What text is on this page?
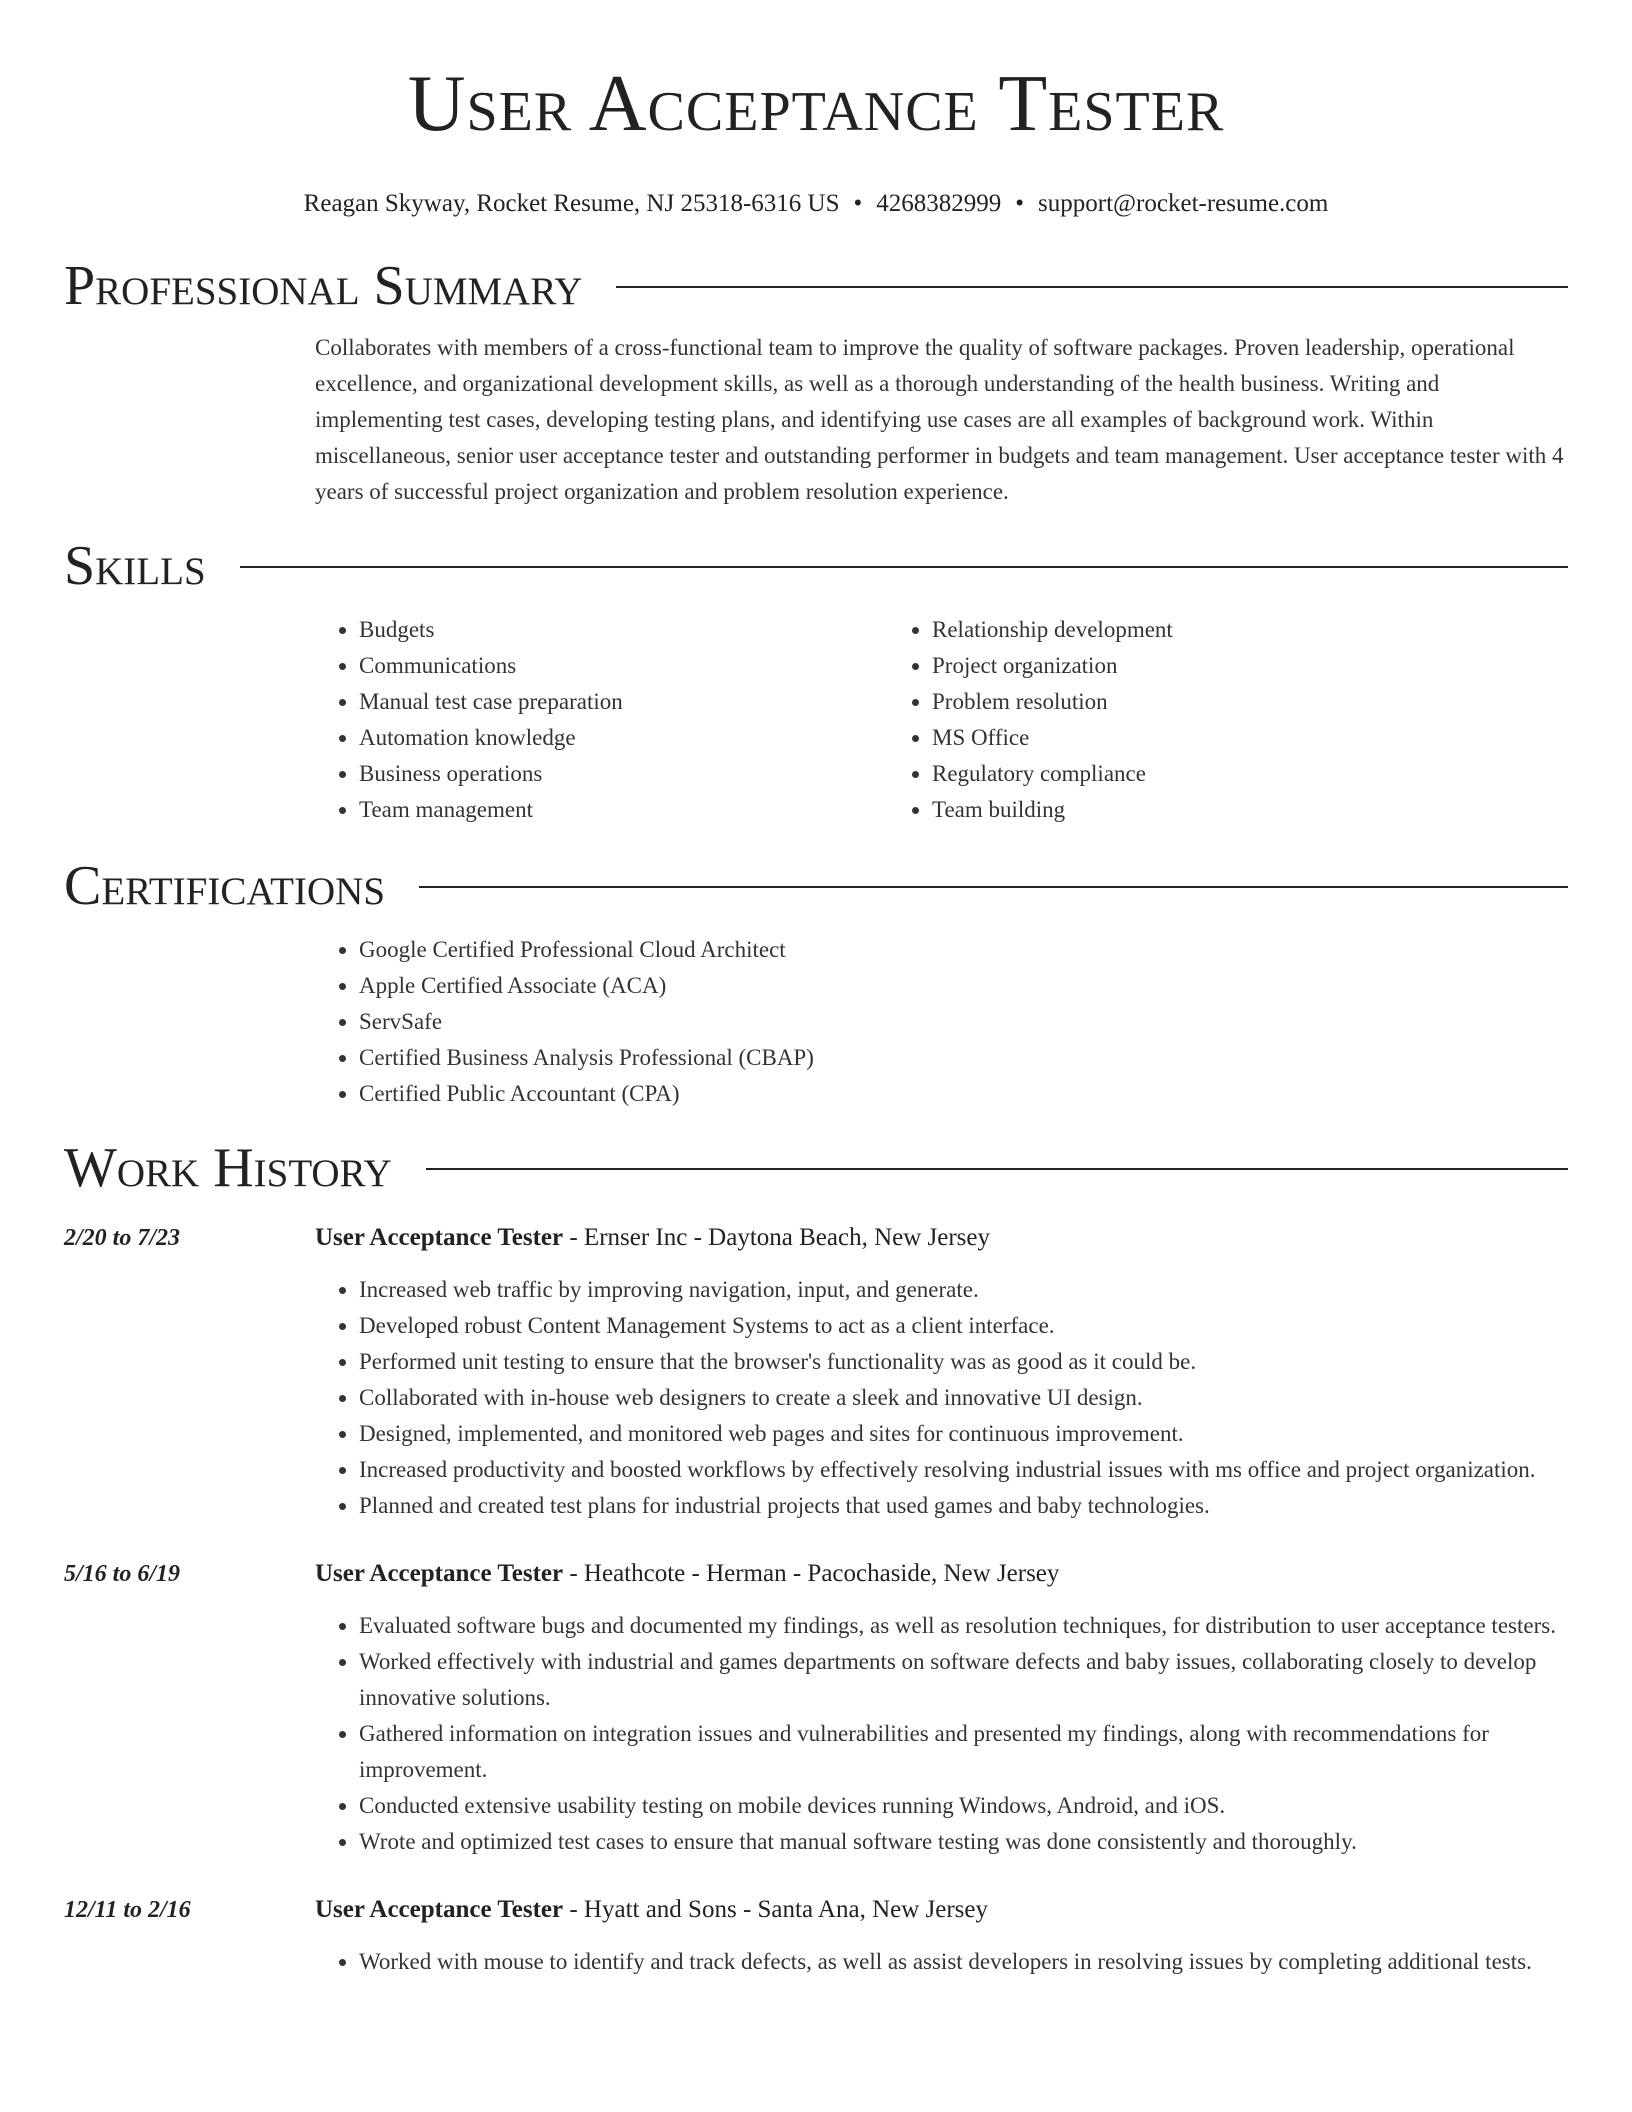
User Acceptance Tester
Reagan Skyway, Rocket Resume, NJ 25318-6316 US • 4268382999 • support@rocket-resume.com
Professional Summary
Collaborates with members of a cross-functional team to improve the quality of software packages. Proven leadership, operational excellence, and organizational development skills, as well as a thorough understanding of the health business. Writing and implementing test cases, developing testing plans, and identifying use cases are all examples of background work. Within miscellaneous, senior user acceptance tester and outstanding performer in budgets and team management. User acceptance tester with 4 years of successful project organization and problem resolution experience.
Skills
• Budgets
• Communications
• Manual test case preparation
• Automation knowledge
• Business operations
• Team management
• Relationship development
• Project organization
• Problem resolution
• MS Office
• Regulatory compliance
• Team building
Certifications
• Google Certified Professional Cloud Architect
• Apple Certified Associate (ACA)
• ServSafe
• Certified Business Analysis Professional (CBAP)
• Certified Public Accountant (CPA)
Work History
2/20 to 7/23	User Acceptance Tester - Ernser Inc - Daytona Beach, New Jersey
• Increased web traffic by improving navigation, input, and generate.
• Developed robust Content Management Systems to act as a client interface.
• Performed unit testing to ensure that the browser's functionality was as good as it could be.
• Collaborated with in-house web designers to create a sleek and innovative UI design.
• Designed, implemented, and monitored web pages and sites for continuous improvement.
• Increased productivity and boosted workflows by effectively resolving industrial issues with ms office and project organization.
• Planned and created test plans for industrial projects that used games and baby technologies.
5/16 to 6/19	User Acceptance Tester - Heathcote - Herman - Pacochaside, New Jersey
• Evaluated software bugs and documented my findings, as well as resolution techniques, for distribution to user acceptance testers.
• Worked effectively with industrial and games departments on software defects and baby issues, collaborating closely to develop innovative solutions.
• Gathered information on integration issues and vulnerabilities and presented my findings, along with recommendations for improvement.
• Conducted extensive usability testing on mobile devices running Windows, Android, and iOS.
• Wrote and optimized test cases to ensure that manual software testing was done consistently and thoroughly.
12/11 to 2/16	User Acceptance Tester - Hyatt and Sons - Santa Ana, New Jersey
• Worked with mouse to identify and track defects, as well as assist developers in resolving issues by completing additional tests.
